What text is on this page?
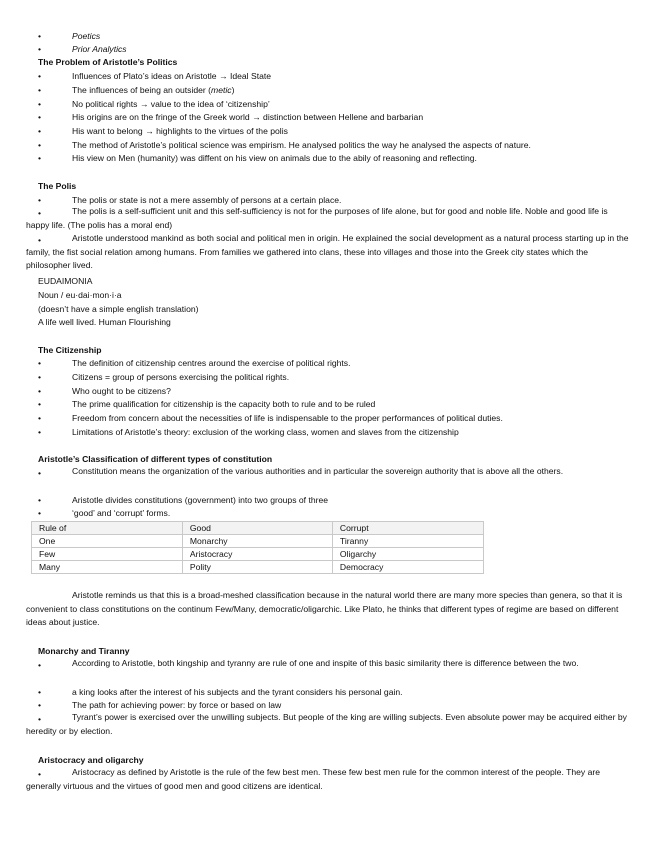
•	Poetics
•	Prior Analytics
The Problem of Aristotle’s Politics
•	Influences of Plato’s ideas on Aristotle → Ideal State
•	The influences of being an outsider (metic)
•	No political rights → value to the idea of ‘citizenship’
•	His origins are on the fringe of the Greek world → distinction between Hellene and barbarian
•	His want to belong → highlights to the virtues of the polis
•	The method of Aristotle’s political science was empirism. He analysed politics the way he analysed the aspects of nature.
•	His view on Men (humanity) was diffent on his view on animals due to the abily of reasoning and reflecting.
The Polis
•	The polis or state is not a mere assembly of persons at a certain place.
•	The polis is a self-sufficient unit and this self-sufficiency is not for the purposes of life alone, but for good and noble life. Noble and good life is happy life. (The polis has a moral end)
•	Aristotle understood mankind as both social and political men in origin. He explained the social development as a natural process starting up in the family, the fist social relation among humans. From families we gathered into clans, these into villages and those into the Greek city states which the philosopher lived.
EUDAIMONIA
Noun / eu·dai·mon·i·a
(doesn’t have a simple english translation)
A life well lived. Human Flourishing
The Citizenship
•	The definition of citizenship centres around the exercise of political rights.
•	Citizens = group of persons exercising the political rights.
•	Who ought to be citizens?
•	The prime qualification for citizenship is the capacity both to rule and to be ruled
•	Freedom from concern about the necessities of life is indispensable to the proper performances of political duties.
•	Limitations of Aristotle’s theory: exclusion of the working class, women and slaves from the citizenship
Aristotle’s Classification of different types of constitution
•	Constitution means the organization of the various authorities and in particular the sovereign authority that is above all the others.
•	Aristotle divides constitutions (government) into two groups of three
•	‘good’ and ‘corrupt’ forms.
Rule of	Good	Corrupt
One	Monarchy	Tiranny
Few	Aristocracy	Oligarchy
Many	Polity	Democracy
Aristotle reminds us that this is a broad-meshed classification because in the natural world there are many more species than genera, so that it is convenient to class constitutions on the continum Few/Many, democratic/oligarchic. Like Plato, he thinks that different types of regime are based on different ideas about justice.
Monarchy and Tiranny
•	According to Aristotle, both kingship and tyranny are rule of one and inspite of this basic similarity there is difference between the two.
•	a king looks after the interest of his subjects and the tyrant considers his personal gain.
•	The path for achieving power: by force or based on law
•	Tyrant’s power is exercised over the unwilling subjects. But people of the king are willing subjects. Even absolute power may be acquired either by heredity or by election.
Aristocracy and oligarchy
•	Aristocracy as defined by Aristotle is the rule of the few best men. These few best men rule for the common interest of the people. They are generally virtuous and the virtues of good men and good citizens are identical.
